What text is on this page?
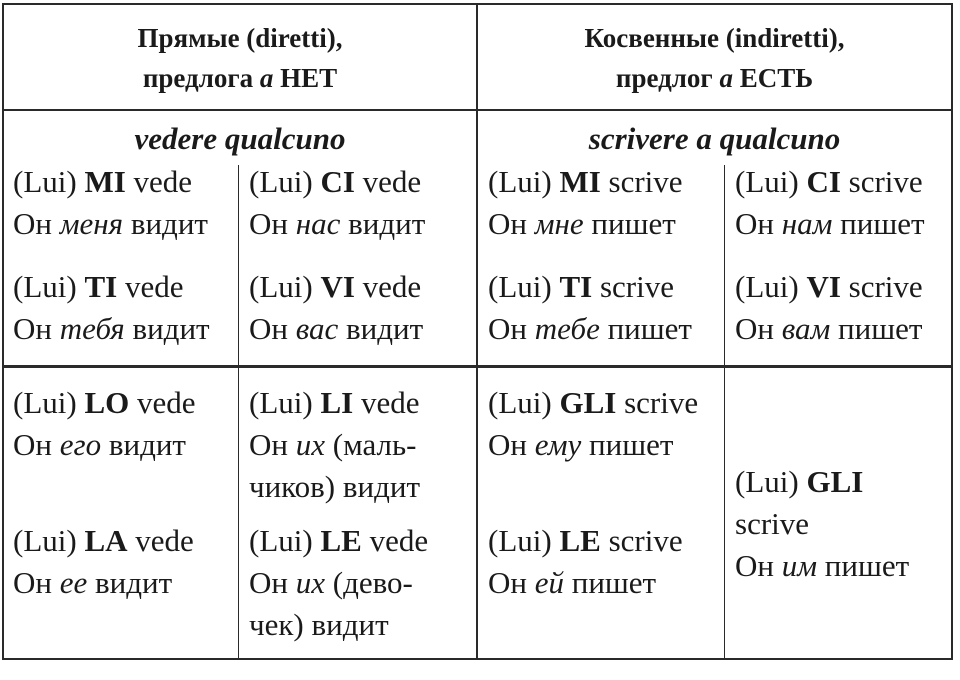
Прямые (diretti),
предлога а НЕТ
Косвенные (indiretti),
предлог а ЕСТЬ
vedere qualcuno	scrivere a qualcuno
(Lui) MI vede
Он меня видит
(Lui) CI vede
Он нас видит
(Lui) TI vede
Он тебя видит
(Lui) VI vede
Он вас видит
(Lui) MI scrive
Он мне пишет
(Lui) CI scrive
Он нам пишет
(Lui) TI scrive
Он тебе пишет
(Lui) VI scrive
Он вам пишет
(Lui) LO vede
Он его видит
(Lui) LI vede
Он их (маль-
чиков) видит
(Lui) LA vede
Он ее видит
(Lui) LE vede
Он их (дево-
чек) видит
(Lui) GLI scrive
Он ему пишет
(Lui) LE scrive
Он ей пишет
(Lui) GLI
scrive
Он им пишет
